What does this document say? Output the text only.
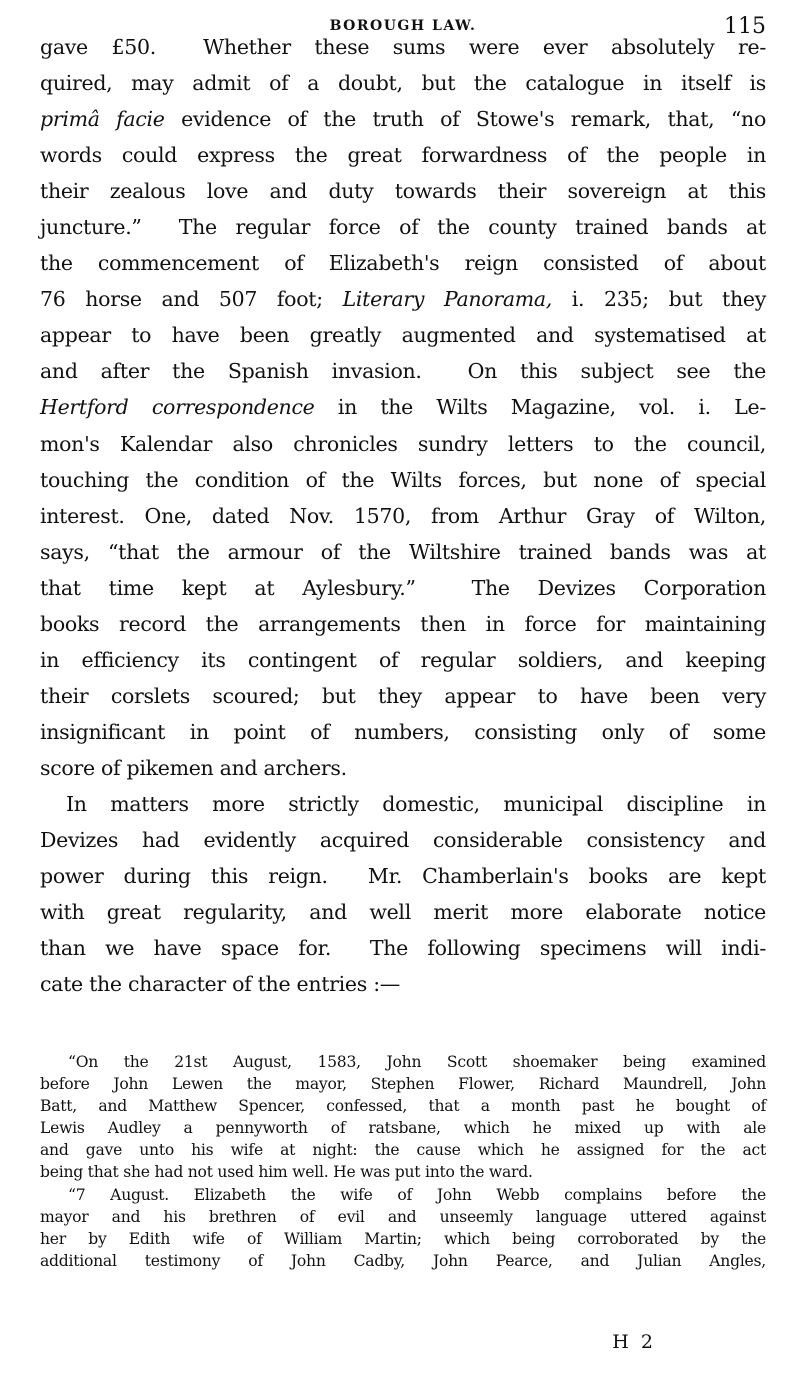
BOROUGH LAW.	115
gave £50.  Whether these sums were ever absolutely re-
quired, may admit of a doubt, but the catalogue in itself is
primâ facie evidence of the truth of Stowe's remark, that, “no
words could express the great forwardness of the people in
their zealous love and duty towards their sovereign at this
juncture.”  The regular force of the county trained bands at
the commencement of Elizabeth's reign consisted of about
76 horse and 507 foot; Literary Panorama, i. 235; but they
appear to have been greatly augmented and systematised at
and after the Spanish invasion.  On this subject see the
Hertford correspondence in the Wilts Magazine, vol. i. Le-
mon's Kalendar also chronicles sundry letters to the council,
touching the condition of the Wilts forces, but none of special
interest. One, dated Nov. 1570, from Arthur Gray of Wilton,
says, “that the armour of the Wiltshire trained bands was at
that time kept at Aylesbury.”  The Devizes Corporation
books record the arrangements then in force for maintaining
in efficiency its contingent of regular soldiers, and keeping
their corslets scoured; but they appear to have been very
insignificant in point of numbers, consisting only of some
score of pikemen and archers.
In matters more strictly domestic, municipal discipline in
Devizes had evidently acquired considerable consistency and
power during this reign.  Mr. Chamberlain's books are kept
with great regularity, and well merit more elaborate notice
than we have space for.  The following specimens will indi-
cate the character of the entries :—
“On the 21st August, 1583, John Scott shoemaker being examined
before John Lewen the mayor, Stephen Flower, Richard Maundrell, John
Batt, and Matthew Spencer, confessed, that a month past he bought of
Lewis Audley a pennyworth of ratsbane, which he mixed up with ale
and gave unto his wife at night: the cause which he assigned for the act
being that she had not used him well. He was put into the ward.
“7 August. Elizabeth the wife of John Webb complains before the
mayor and his brethren of evil and unseemly language uttered against
her by Edith wife of William Martin; which being corroborated by the
additional testimony of John Cadby, John Pearce, and Julian Angles,
H 2
